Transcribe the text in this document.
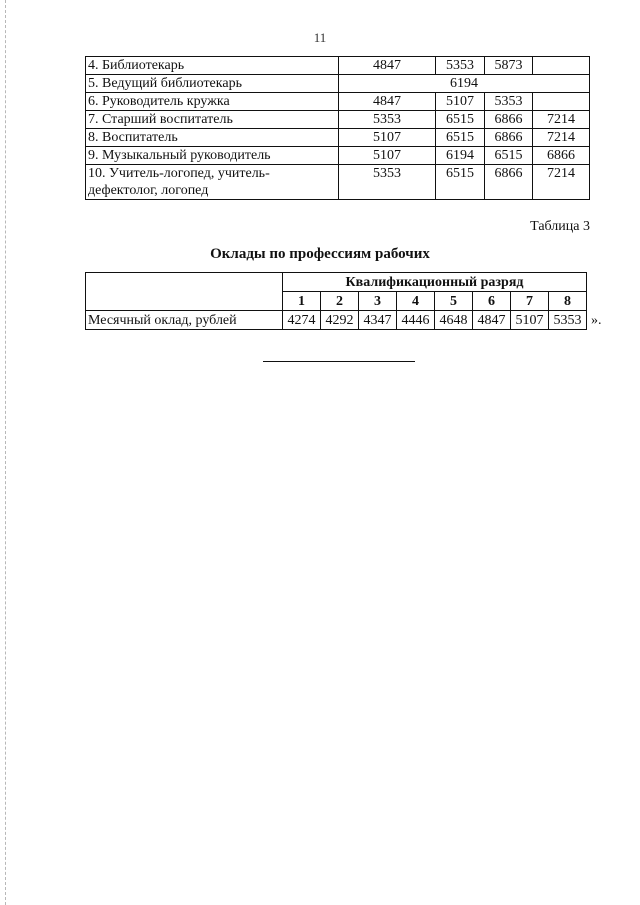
11
4. Библиотекарь	4847	5353	5873	
5. Ведущий библиотекарь	6194			
6. Руководитель кружка	4847	5107	5353	
7. Старший воспитатель	5353	6515	6866	7214
8. Воспитатель	5107	6515	6866	7214
9. Музыкальный руководитель	5107	6194	6515	6866

10. Учитель-логопед, учитель-
дефектолог, логопед	5353	6515	6866	7214
Таблица 3
Оклады по профессиям рабочих
	Квалификационный разряд							
	1	2	3	4	5	6	7	8
Месячный оклад, рублей	4274	4292	4347	4446	4648	4847	5107	5353 ».
